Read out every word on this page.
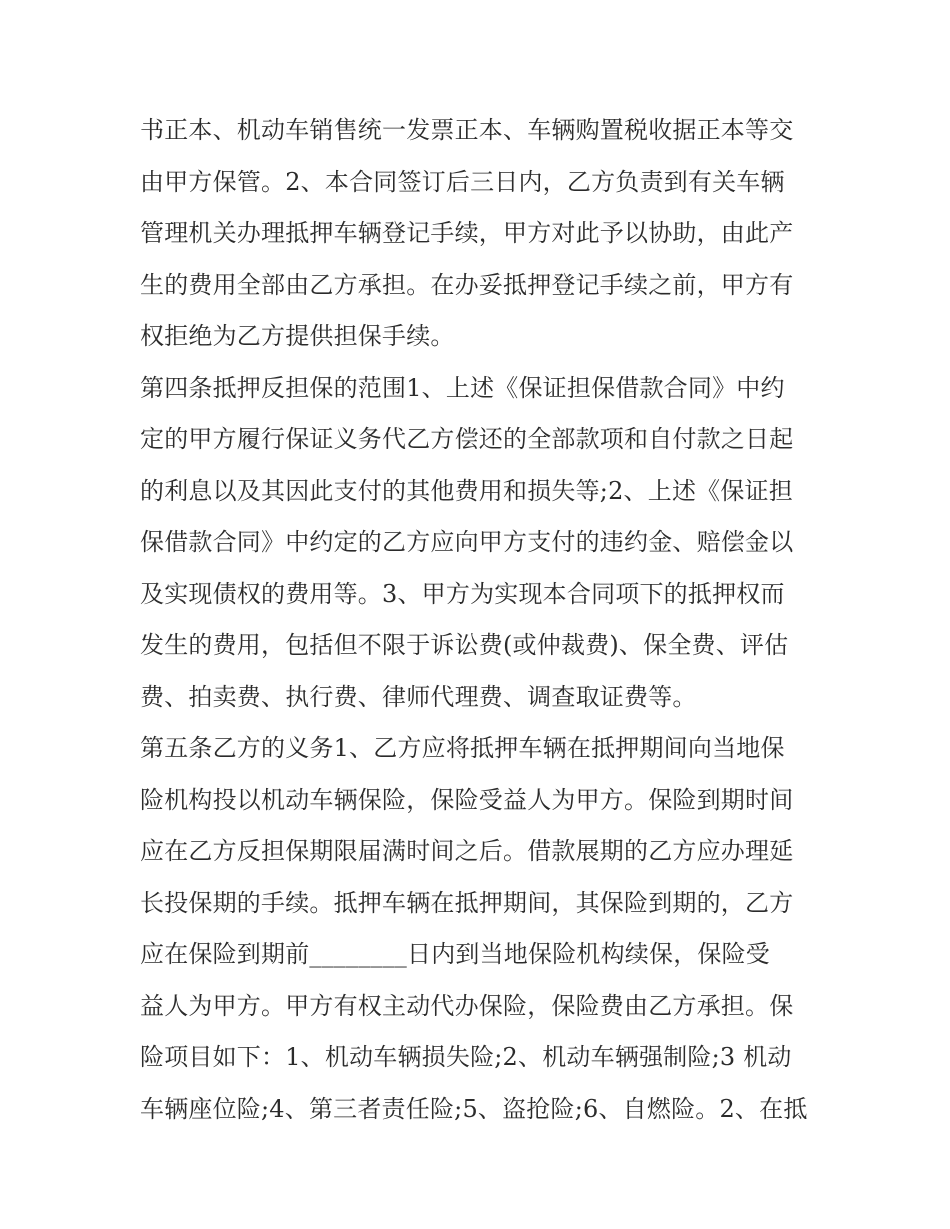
书正本、机动车销售统一发票正本、车辆购置税收据正本等交
由甲方保管。2、本合同签订后三日内，乙方负责到有关车辆
管理机关办理抵押车辆登记手续，甲方对此予以协助，由此产
生的费用全部由乙方承担。在办妥抵押登记手续之前，甲方有
权拒绝为乙方提供担保手续。
第四条抵押反担保的范围1、上述《保证担保借款合同》中约
定的甲方履行保证义务代乙方偿还的全部款项和自付款之日起
的利息以及其因此支付的其他费用和损失等;2、上述《保证担
保借款合同》中约定的乙方应向甲方支付的违约金、赔偿金以
及实现债权的费用等。3、甲方为实现本合同项下的抵押权而
发生的费用，包括但不限于诉讼费(或仲裁费)、保全费、评估
费、拍卖费、执行费、律师代理费、调查取证费等。
第五条乙方的义务1、乙方应将抵押车辆在抵押期间向当地保
险机构投以机动车辆保险，保险受益人为甲方。保险到期时间
应在乙方反担保期限届满时间之后。借款展期的乙方应办理延
长投保期的手续。抵押车辆在抵押期间，其保险到期的，乙方
应在保险到期前________日内到当地保险机构续保，保险受
益人为甲方。甲方有权主动代办保险，保险费由乙方承担。保
险项目如下：1、机动车辆损失险;2、机动车辆强制险;3 机动
车辆座位险;4、第三者责任险;5、盗抢险;6、自燃险。2、在抵
